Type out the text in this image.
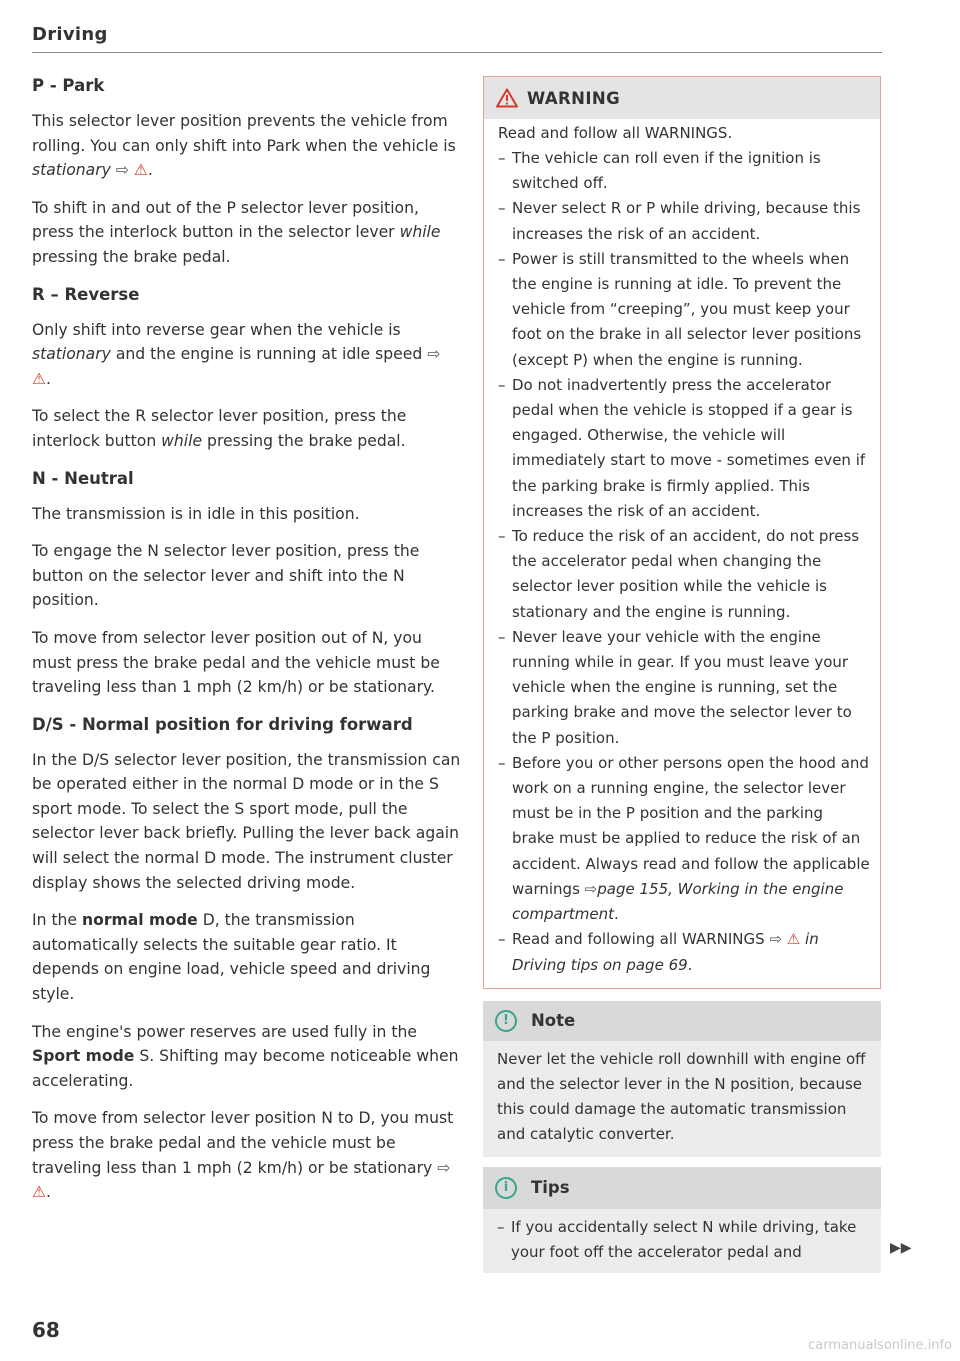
Driving
P - Park

This selector lever position prevents the vehicle from rolling. You can only shift into Park when the vehicle is stationary ⇨ ⚠.

To shift in and out of the P selector lever position, press the interlock button in the selector lever while pressing the brake pedal.

R – Reverse

Only shift into reverse gear when the vehicle is stationary and the engine is running at idle speed ⇨ ⚠.

To select the R selector lever position, press the interlock button while pressing the brake pedal.

N - Neutral

The transmission is in idle in this position.

To engage the N selector lever position, press the button on the selector lever and shift into the N position.

To move from selector lever position out of N, you must press the brake pedal and the vehicle must be traveling less than 1 mph (2 km/h) or be stationary.

D/S - Normal position for driving forward

In the D/S selector lever position, the transmission can be operated either in the normal D mode or in the S sport mode. To select the S sport mode, pull the selector lever back briefly. Pulling the lever back again will select the normal D mode. The instrument cluster display shows the selected driving mode.

In the normal mode D, the transmission automatically selects the suitable gear ratio. It depends on engine load, vehicle speed and driving style.

The engine's power reserves are used fully in the Sport mode S. Shifting may become noticeable when accelerating.

To move from selector lever position N to D, you must press the brake pedal and the vehicle must be traveling less than 1 mph (2 km/h) or be stationary ⇨ ⚠.

WARNING
Read and follow all WARNINGS.
– The vehicle can roll even if the ignition is switched off.
– Never select R or P while driving, because this increases the risk of an accident.
– Power is still transmitted to the wheels when the engine is running at idle. To prevent the vehicle from “creeping”, you must keep your foot on the brake in all selector lever positions (except P) when the engine is running.
– Do not inadvertently press the accelerator pedal when the vehicle is stopped if a gear is engaged. Otherwise, the vehicle will immediately start to move - sometimes even if the parking brake is firmly applied. This increases the risk of an accident.
– To reduce the risk of an accident, do not press the accelerator pedal when changing the selector lever position while the vehicle is stationary and the engine is running.
– Never leave your vehicle with the engine running while in gear. If you must leave your vehicle when the engine is running, set the parking brake and move the selector lever to the P position.
– Before you or other persons open the hood and work on a running engine, the selector lever must be in the P position and the parking brake must be applied to reduce the risk of an accident. Always read and follow the applicable warnings ⇨page 155, Working in the engine compartment.
– Read and following all WARNINGS ⇨ ⚠ in Driving tips on page 69.
!	Note
Never let the vehicle roll downhill with engine off and the selector lever in the N position, because this could damage the automatic transmission and catalytic converter.
i	Tips
– If you accidentally select N while driving, take your foot off the accelerator pedal and	▶▶
68
carmanualsonline.info
